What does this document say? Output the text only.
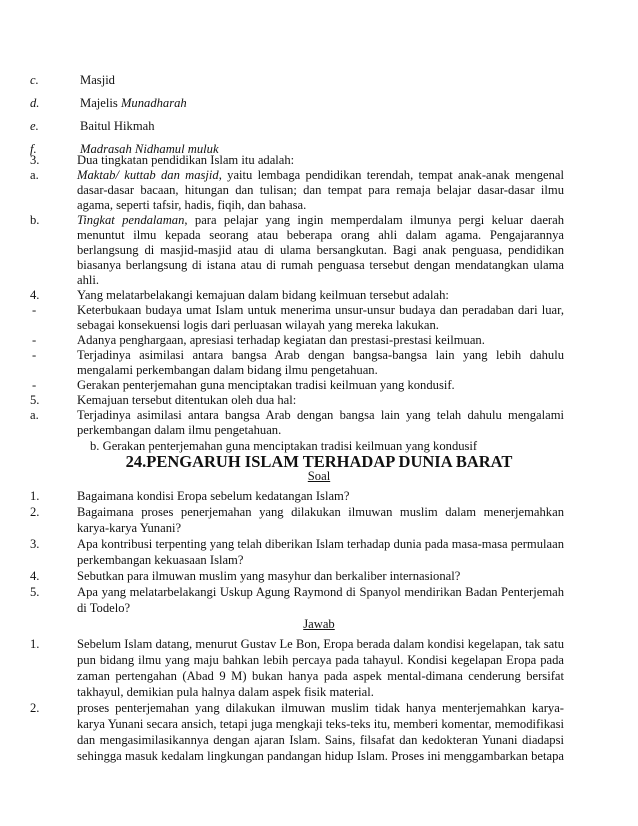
c.	Masjid
d.	Majelis Munadharah
e.	Baitul Hikmah
f.	Madrasah Nidhamul muluk
3.	Dua tingkatan pendidikan Islam itu adalah:
a.	Maktab/ kuttab dan masjid, yaitu lembaga pendidikan terendah, tempat anak-anak mengenal
dasar-dasar bacaan, hitungan dan tulisan; dan tempat para remaja belajar dasar-dasar ilmu
agama, seperti tafsir, hadis, fiqih, dan bahasa.
b.	Tingkat pendalaman, para pelajar yang ingin memperdalam ilmunya pergi keluar daerah
menuntut ilmu kepada seorang atau beberapa orang ahli dalam agama. Pengajarannya
berlangsung di masjid-masjid atau di ulama bersangkutan. Bagi anak penguasa, pendidikan
biasanya berlangsung di istana atau di rumah penguasa tersebut dengan mendatangkan ulama
ahli.
4.	Yang melatarbelakangi kemajuan dalam bidang keilmuan tersebut adalah:
-	Keterbukaan budaya umat Islam untuk menerima unsur-unsur budaya dan peradaban dari luar,
sebagai konsekuensi logis dari perluasan wilayah yang mereka lakukan.
-	Adanya penghargaan, apresiasi terhadap kegiatan dan prestasi-prestasi keilmuan.
-	Terjadinya asimilasi antara bangsa Arab dengan bangsa-bangsa lain yang lebih dahulu
mengalami perkembangan dalam bidang ilmu pengetahuan.
-	Gerakan penterjemahan guna menciptakan tradisi keilmuan yang kondusif.
5.	Kemajuan tersebut ditentukan oleh dua hal:
a.	Terjadinya asimilasi antara bangsa Arab dengan bangsa lain yang telah dahulu mengalami
perkembangan dalam ilmu pengetahuan.
24.PENGARUH ISLAM TERHADAP DUNIA BARAT
Soal
1.	Bagaimana kondisi Eropa sebelum kedatangan Islam?
2.	Bagaimana proses penerjemahan yang dilakukan ilmuwan muslim dalam menerjemahkan
karya-karya Yunani?
3.	Apa kontribusi terpenting yang telah diberikan Islam terhadap dunia pada masa-masa permulaan
perkembangan kekuasaan Islam?
4.	Sebutkan para ilmuwan muslim yang masyhur dan berkaliber internasional?
5.	Apa yang melatarbelakangi Uskup Agung Raymond di Spanyol mendirikan Badan Penterjemah
di Todelo?
Jawab
1.	Sebelum Islam datang, menurut Gustav Le Bon, Eropa berada dalam kondisi kegelapan, tak satu
pun bidang ilmu yang maju bahkan lebih percaya pada tahayul. Kondisi kegelapan Eropa pada
zaman pertengahan (Abad 9 M) bukan hanya pada aspek mental-dimana cenderung bersifat
takhayul, demikian pula halnya dalam aspek fisik material.
2.	proses penterjemahan yang dilakukan ilmuwan muslim tidak hanya menterjemahkan karya-
karya Yunani secara ansich, tetapi juga mengkaji teks-teks itu, memberi komentar, memodifikasi
dan mengasimilasikannya dengan ajaran Islam. Sains, filsafat dan kedokteran Yunani diadapsi
sehingga masuk kedalam lingkungan pandangan hidup Islam. Proses ini menggambarkan betapa
b. Gerakan penterjemahan guna menciptakan tradisi keilmuan yang kondusif
